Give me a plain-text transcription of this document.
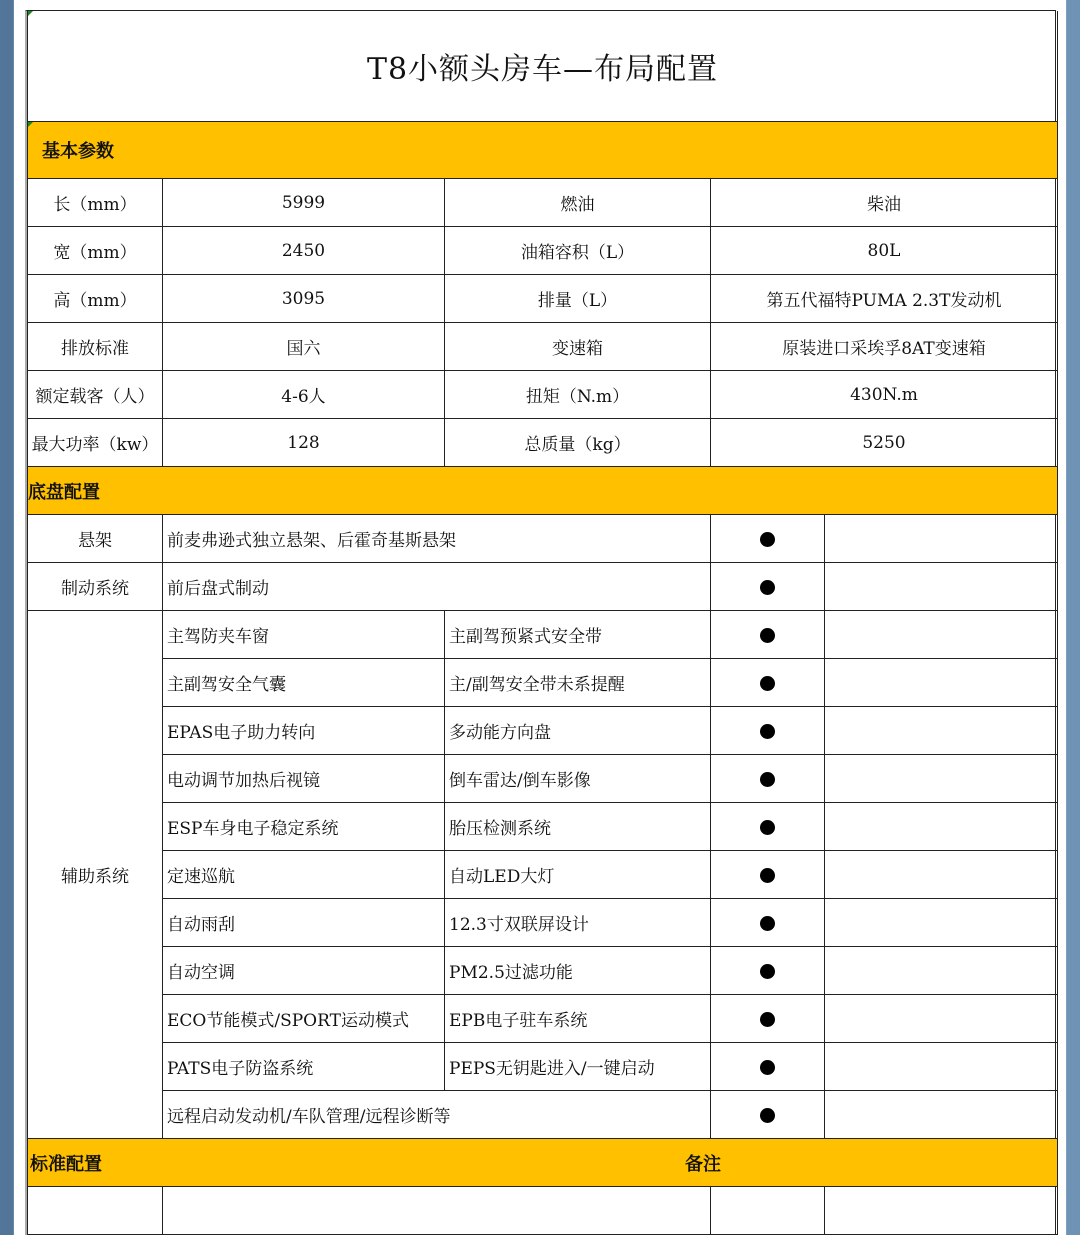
T8小额头房车—布局配置				

基本参数				
长（mm）	5999	燃油	柴油	
宽（mm）	2450	油箱容积（L）	80L	
高（mm）	3095	排量（L）	第五代福特PUMA 2.3T发动机	
排放标准	国六	变速箱	原装进口采埃孚8AT变速箱	
额定载客（人）	4-6人	扭矩（N.m）	430N.m	
最大功率（kw）	128	总质量（kg）	5250	
底盘配置				
悬架	前麦弗逊式独立悬架、后霍奇基斯悬架			
制动系统	前后盘式制动			
辅助系统	主驾防夹车窗	主副驾预紧式安全带		
	主副驾安全气囊	主/副驾安全带未系提醒		
	EPAS电子助力转向	多动能方向盘		
	电动调节加热后视镜	倒车雷达/倒车影像		
	ESP车身电子稳定系统	胎压检测系统		
	定速巡航	自动LED大灯		
	自动雨刮	12.3寸双联屏设计		
	自动空调	PM2.5过滤功能		
	ECO节能模式/SPORT运动模式	EPB电子驻车系统		
	PATS电子防盗系统	PEPS无钥匙进入/一键启动		
	远程启动发动机/车队管理/远程诊断等			
标准配置 备注				
